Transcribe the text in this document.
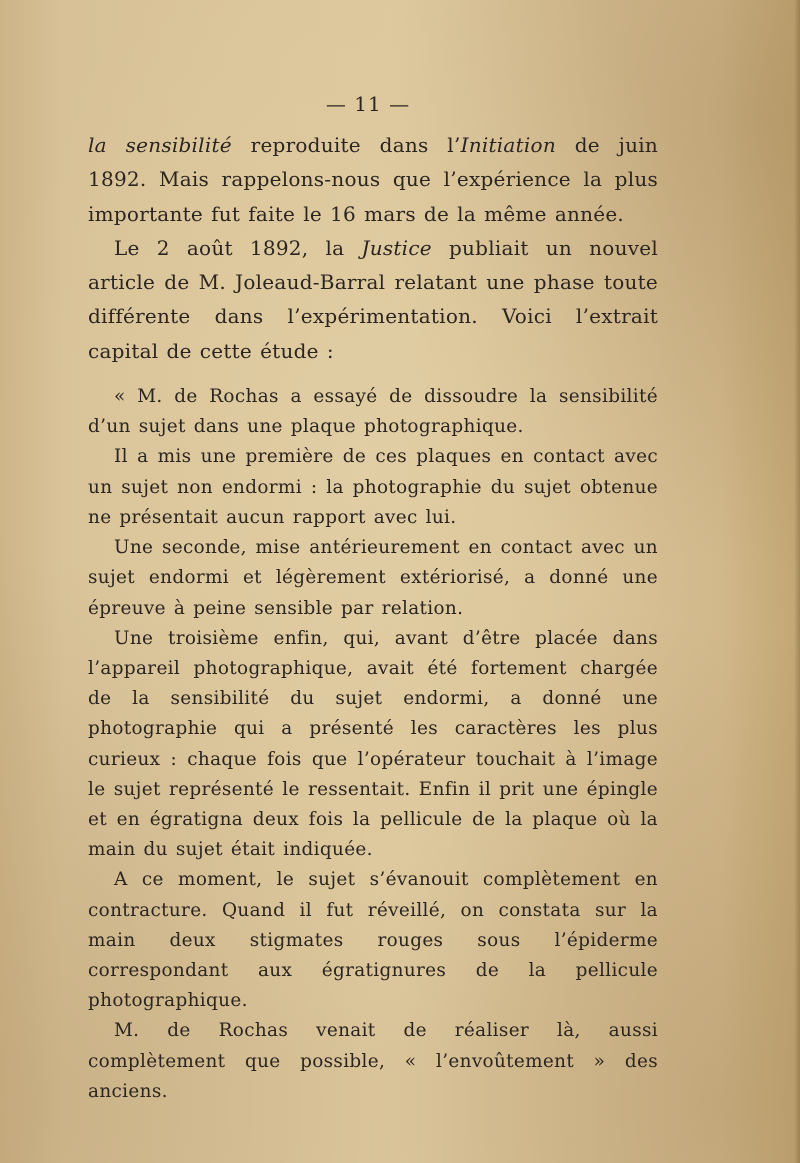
— 11 —

la sensibilité reproduite dans l’Initiation de juin 1892. Mais rappelons-nous que l’expérience la plus importante fut faite le 16 mars de la même année.

Le 2 août 1892, la Justice publiait un nouvel article de M. Joleaud-Barral relatant une phase toute différente dans l’expérimentation. Voici l’extrait capital de cette étude :

« M. de Rochas a essayé de dissoudre la sensibilité d’un sujet dans une plaque photographique.

Il a mis une première de ces plaques en contact avec un sujet non endormi : la photographie du sujet obtenue ne présentait aucun rapport avec lui.

Une seconde, mise antérieurement en contact avec un sujet endormi et légèrement extériorisé, a donné une épreuve à peine sensible par relation.

Une troisième enfin, qui, avant d’être placée dans l’appareil photographique, avait été fortement chargée de la sensibilité du sujet endormi, a donné une photographie qui a présenté les caractères les plus curieux : chaque fois que l’opérateur touchait à l’image le sujet représenté le ressentait. Enfin il prit une épingle et en égratigna deux fois la pellicule de la plaque où la main du sujet était indiquée.

A ce moment, le sujet s’évanouit complètement en contracture. Quand il fut réveillé, on constata sur la main deux stigmates rouges sous l’épiderme correspondant aux égratignures de la pellicule photographique.

M. de Rochas venait de réaliser là, aussi complètement que possible, « l’envoûtement » des anciens.
